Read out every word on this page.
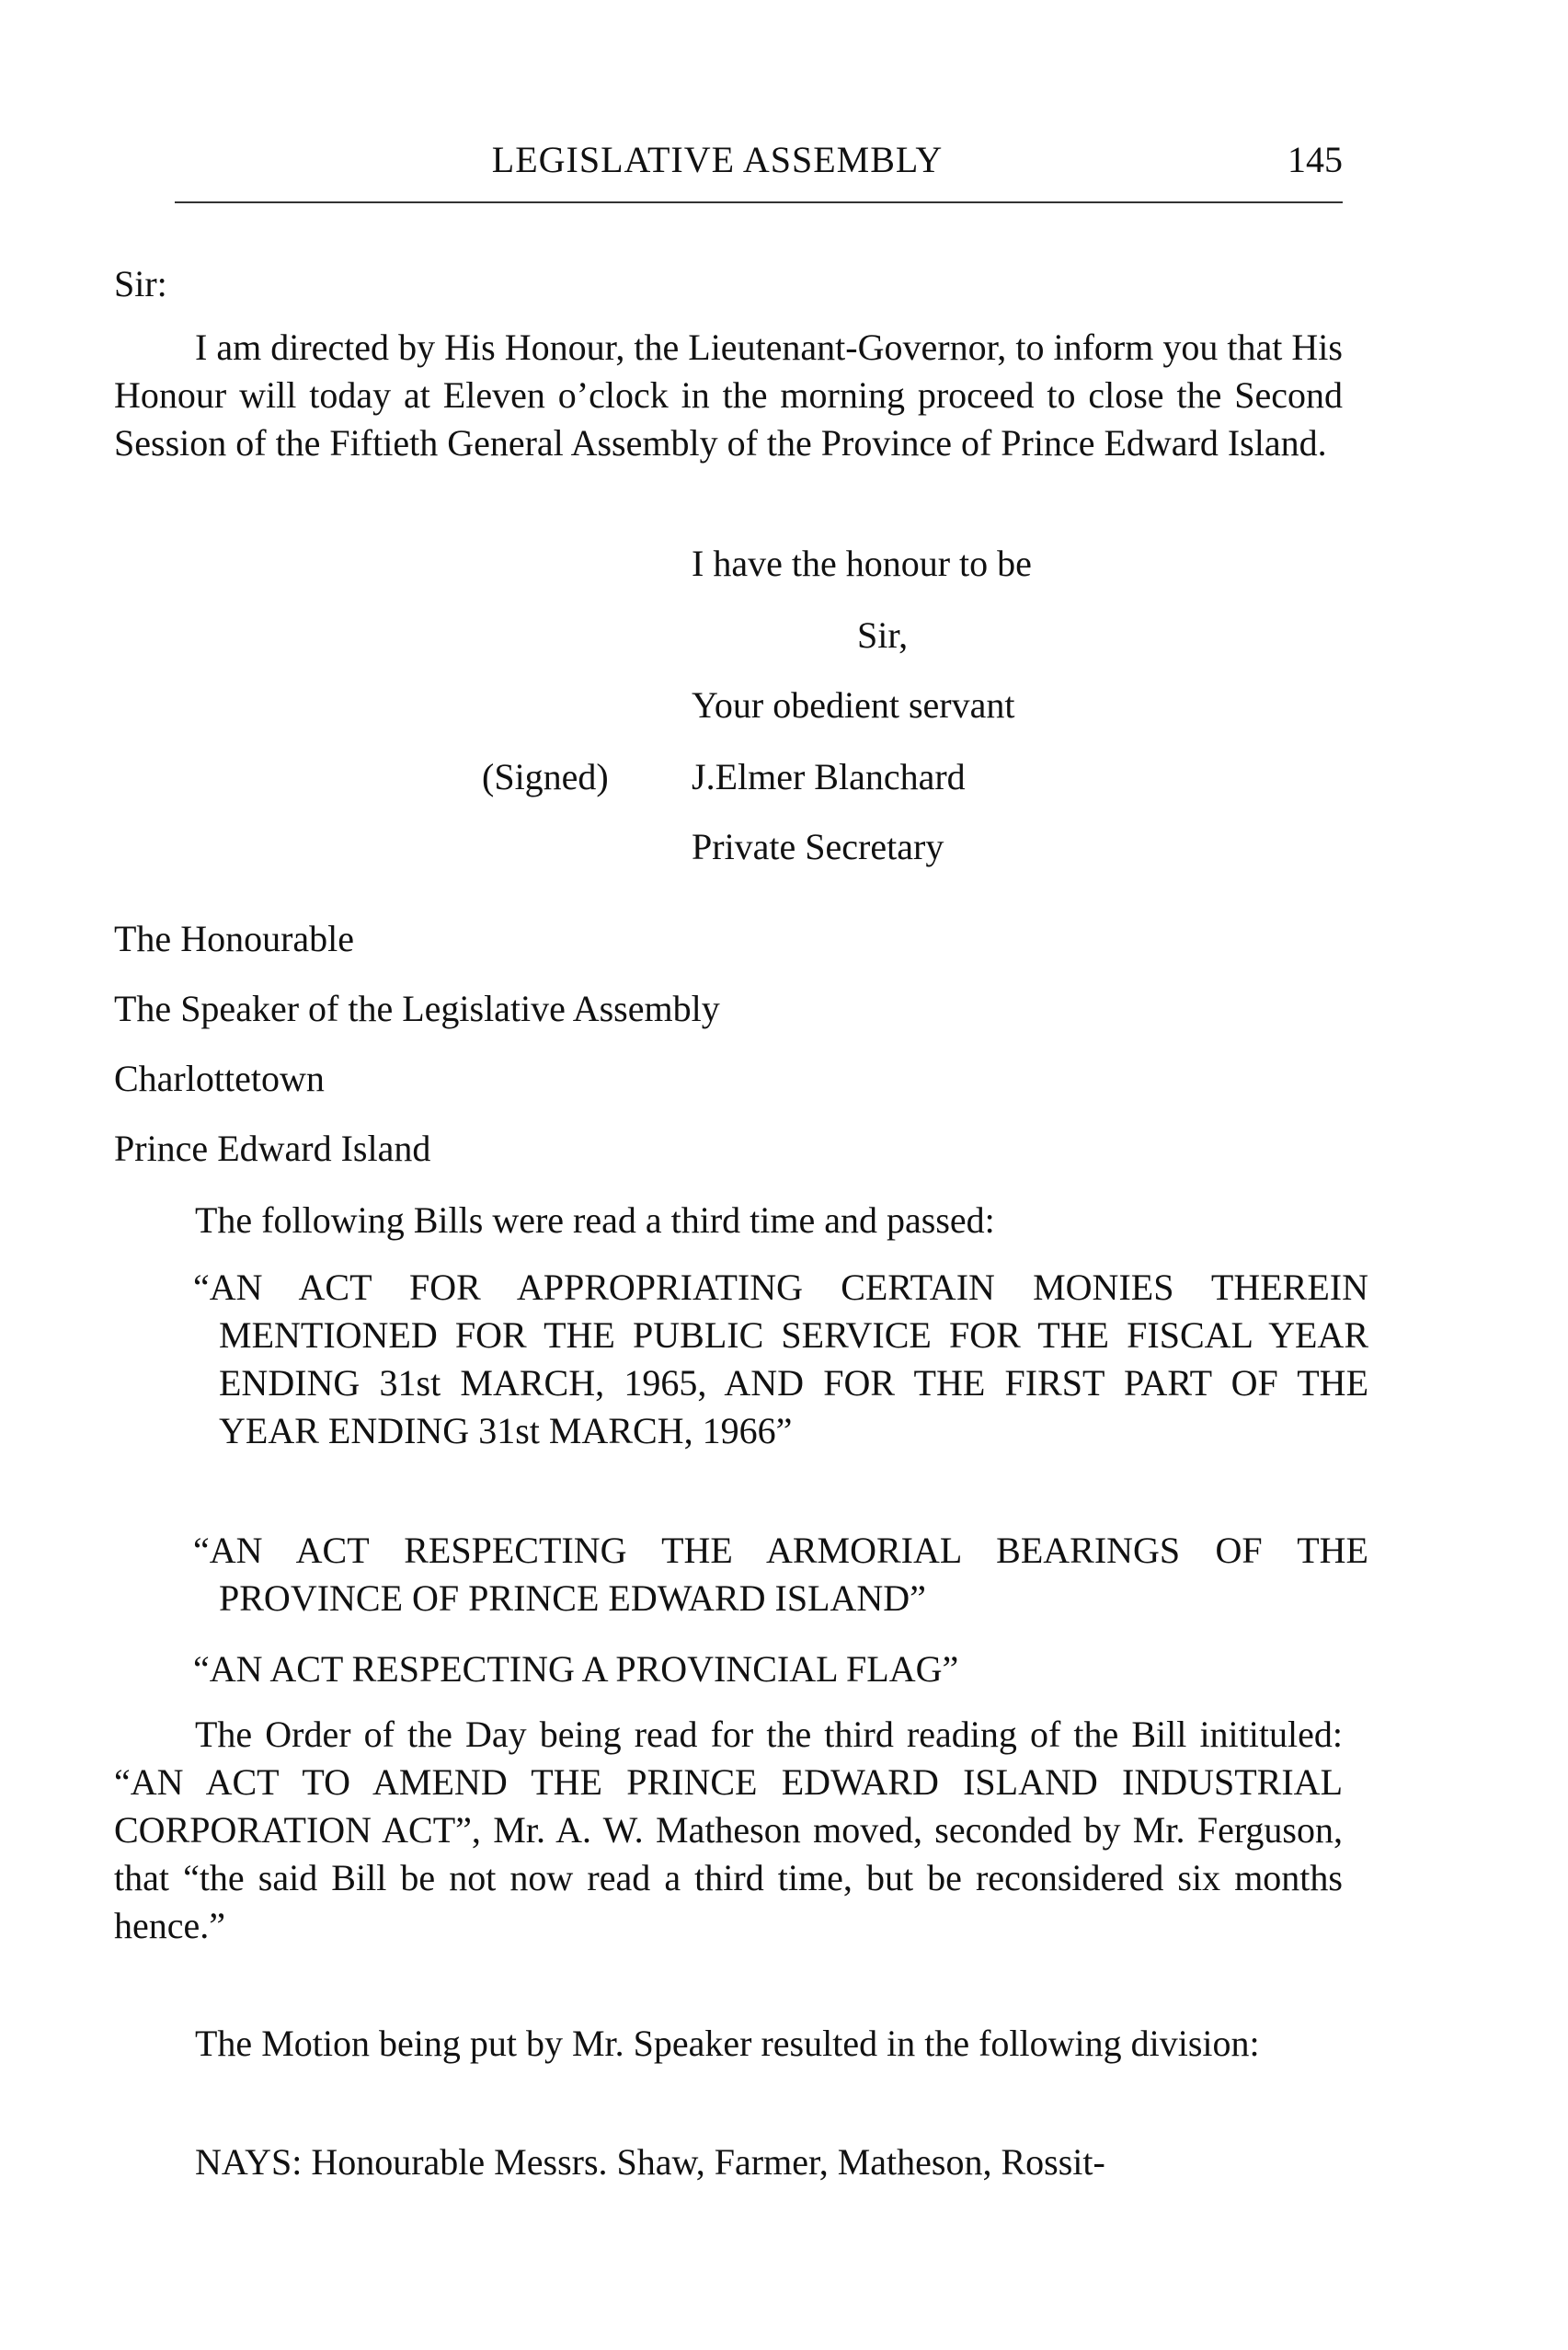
LEGISLATIVE ASSEMBLY	145
Sir:
I am directed by His Honour, the Lieutenant-Governor, to inform you that His Honour will today at Eleven o’clock in the morning proceed to close the Second Session of the Fiftieth General Assembly of the Province of Prince Edward Island.
I have the honour to be
Sir,
Your obedient servant
(Signed) J.Elmer Blanchard
Private Secretary
The Honourable
The Speaker of the Legislative Assembly
Charlottetown
Prince Edward Island
The following Bills were read a third time and passed:
“AN ACT FOR APPROPRIATING CERTAIN MONIES THEREIN MENTIONED FOR THE PUBLIC SERVICE FOR THE FISCAL YEAR ENDING 31st MARCH, 1965, AND FOR THE FIRST PART OF THE YEAR ENDING 31st MARCH, 1966”
“AN ACT RESPECTING THE ARMORIAL BEARINGS OF THE PROVINCE OF PRINCE EDWARD ISLAND”
“AN ACT RESPECTING A PROVINCIAL FLAG”
The Order of the Day being read for the third reading of the Bill initituled: “AN ACT TO AMEND THE PRINCE EDWARD ISLAND INDUSTRIAL CORPORATION ACT”, Mr. A. W. Matheson moved, seconded by Mr. Ferguson, that “the said Bill be not now read a third time, but be reconsidered six months hence.”
The Motion being put by Mr. Speaker resulted in the following division:
NAYS: Honourable Messrs. Shaw, Farmer, Matheson, Rossit-
